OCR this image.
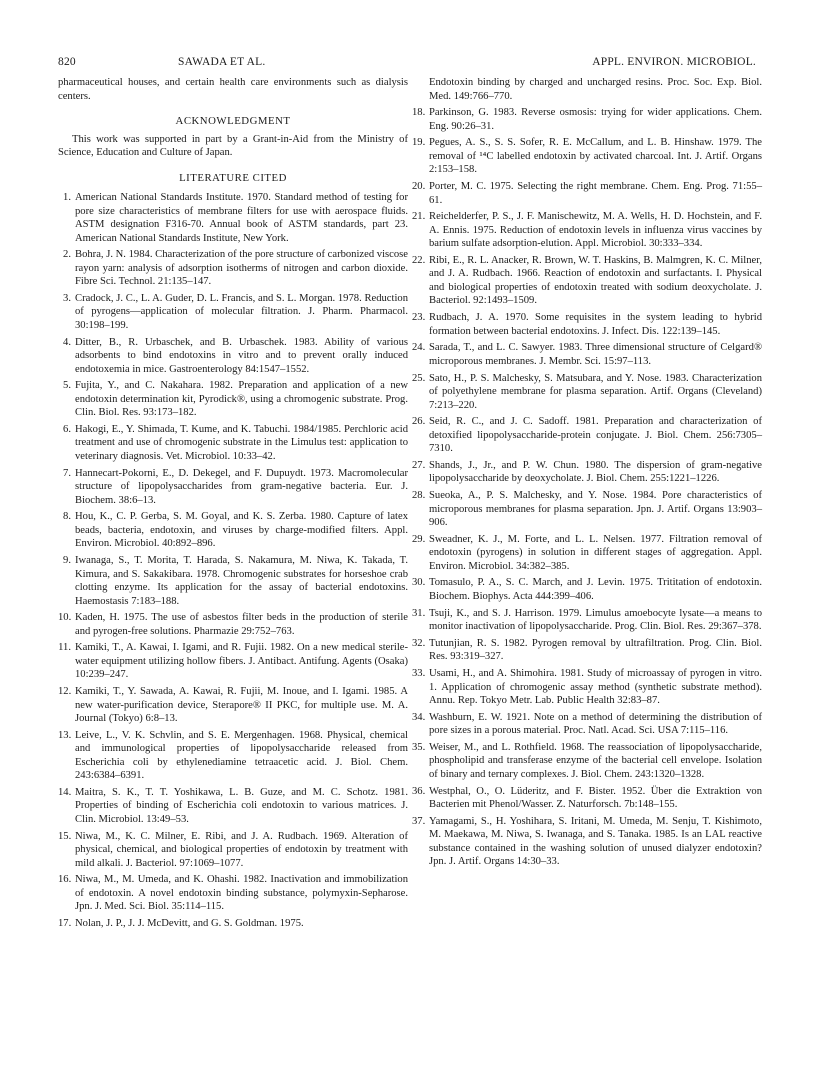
820	SAWADA ET AL.	APPL. ENVIRON. MICROBIOL.

pharmaceutical houses, and certain health care environments such as dialysis centers.

ACKNOWLEDGMENT

This work was supported in part by a Grant-in-Aid from the Ministry of Science, Education and Culture of Japan.

LITERATURE CITED
1. American National Standards Institute. 1970. Standard method of testing for pore size characteristics of membrane filters for use with aerospace fluids. ASTM designation F316-70. Annual book of ASTM standards, part 23. American National Standards Institute, New York.
2. Bohra, J. N. 1984. Characterization of the pore structure of carbonized viscose rayon yarn: analysis of adsorption isotherms of nitrogen and carbon dioxide. Fibre Sci. Technol. 21:135–147.
3. Cradock, J. C., L. A. Guder, D. L. Francis, and S. L. Morgan. 1978. Reduction of pyrogens—application of molecular filtration. J. Pharm. Pharmacol. 30:198–199.
4. Ditter, B., R. Urbaschek, and B. Urbaschek. 1983. Ability of various adsorbents to bind endotoxins in vitro and to prevent orally induced endotoxemia in mice. Gastroenterology 84:1547–1552.
5. Fujita, Y., and C. Nakahara. 1982. Preparation and application of a new endotoxin determination kit, Pyrodick®, using a chromogenic substrate. Prog. Clin. Biol. Res. 93:173–182.
6. Hakogi, E., Y. Shimada, T. Kume, and K. Tabuchi. 1984/1985. Perchloric acid treatment and use of chromogenic substrate in the Limulus test: application to veterinary diagnosis. Vet. Microbiol. 10:33–42.
7. Hannecart-Pokorni, E., D. Dekegel, and F. Dupuydt. 1973. Macromolecular structure of lipopolysaccharides from gram-negative bacteria. Eur. J. Biochem. 38:6–13.
8. Hou, K., C. P. Gerba, S. M. Goyal, and K. S. Zerba. 1980. Capture of latex beads, bacteria, endotoxin, and viruses by charge-modified filters. Appl. Environ. Microbiol. 40:892–896.
9. Iwanaga, S., T. Morita, T. Harada, S. Nakamura, M. Niwa, K. Takada, T. Kimura, and S. Sakakibara. 1978. Chromogenic substrates for horseshoe crab clotting enzyme. Its application for the assay of bacterial endotoxins. Haemostasis 7:183–188.
10. Kaden, H. 1975. The use of asbestos filter beds in the production of sterile and pyrogen-free solutions. Pharmazie 29:752–763.
11. Kamiki, T., A. Kawai, I. Igami, and R. Fujii. 1982. On a new medical sterile-water equipment utilizing hollow fibers. J. Antibact. Antifung. Agents (Osaka) 10:239–247.
12. Kamiki, T., Y. Sawada, A. Kawai, R. Fujii, M. Inoue, and I. Igami. 1985. A new water-purification device, Sterapore® II PKC, for multiple use. M. A. Journal (Tokyo) 6:8–13.
13. Leive, L., V. K. Schvlin, and S. E. Mergenhagen. 1968. Physical, chemical and immunological properties of lipopolysaccharide released from Escherichia coli by ethylenediamine tetraacetic acid. J. Biol. Chem. 243:6384–6391.
14. Maitra, S. K., T. T. Yoshikawa, L. B. Guze, and M. C. Schotz. 1981. Properties of binding of Escherichia coli endotoxin to various matrices. J. Clin. Microbiol. 13:49–53.
15. Niwa, M., K. C. Milner, E. Ribi, and J. A. Rudbach. 1969. Alteration of physical, chemical, and biological properties of endotoxin by treatment with mild alkali. J. Bacteriol. 97:1069–1077.
16. Niwa, M., M. Umeda, and K. Ohashi. 1982. Inactivation and immobilization of endotoxin. A novel endotoxin binding substance, polymyxin-Sepharose. Jpn. J. Med. Sci. Biol. 35:114–115.
17. Nolan, J. P., J. J. McDevitt, and G. S. Goldman. 1975.
Endotoxin binding by charged and uncharged resins. Proc. Soc. Exp. Biol. Med. 149:766–770.
18. Parkinson, G. 1983. Reverse osmosis: trying for wider applications. Chem. Eng. 90:26–31.
19. Pegues, A. S., S. S. Sofer, R. E. McCallum, and L. B. Hinshaw. 1979. The removal of ¹⁴C labelled endotoxin by activated charcoal. Int. J. Artif. Organs 2:153–158.
20. Porter, M. C. 1975. Selecting the right membrane. Chem. Eng. Prog. 71:55–61.
21. Reichelderfer, P. S., J. F. Manischewitz, M. A. Wells, H. D. Hochstein, and F. A. Ennis. 1975. Reduction of endotoxin levels in influenza virus vaccines by barium sulfate adsorption-elution. Appl. Microbiol. 30:333–334.
22. Ribi, E., R. L. Anacker, R. Brown, W. T. Haskins, B. Malmgren, K. C. Milner, and J. A. Rudbach. 1966. Reaction of endotoxin and surfactants. I. Physical and biological properties of endotoxin treated with sodium deoxycholate. J. Bacteriol. 92:1493–1509.
23. Rudbach, J. A. 1970. Some requisites in the system leading to hybrid formation between bacterial endotoxins. J. Infect. Dis. 122:139–145.
24. Sarada, T., and L. C. Sawyer. 1983. Three dimensional structure of Celgard® microporous membranes. J. Membr. Sci. 15:97–113.
25. Sato, H., P. S. Malchesky, S. Matsubara, and Y. Nose. 1983. Characterization of polyethylene membrane for plasma separation. Artif. Organs (Cleveland) 7:213–220.
26. Seid, R. C., and J. C. Sadoff. 1981. Preparation and characterization of detoxified lipopolysaccharide-protein conjugate. J. Biol. Chem. 256:7305–7310.
27. Shands, J., Jr., and P. W. Chun. 1980. The dispersion of gram-negative lipopolysaccharide by deoxycholate. J. Biol. Chem. 255:1221–1226.
28. Sueoka, A., P. S. Malchesky, and Y. Nose. 1984. Pore characteristics of microporous membranes for plasma separation. Jpn. J. Artif. Organs 13:903–906.
29. Sweadner, K. J., M. Forte, and L. L. Nelsen. 1977. Filtration removal of endotoxin (pyrogens) in solution in different stages of aggregation. Appl. Environ. Microbiol. 34:382–385.
30. Tomasulo, P. A., S. C. March, and J. Levin. 1975. Trititation of endotoxin. Biochem. Biophys. Acta 444:399–406.
31. Tsuji, K., and S. J. Harrison. 1979. Limulus amoebocyte lysate—a means to monitor inactivation of lipopolysaccharide. Prog. Clin. Biol. Res. 29:367–378.
32. Tutunjian, R. S. 1982. Pyrogen removal by ultrafiltration. Prog. Clin. Biol. Res. 93:319–327.
33. Usami, H., and A. Shimohira. 1981. Study of microassay of pyrogen in vitro. 1. Application of chromogenic assay method (synthetic substrate method). Annu. Rep. Tokyo Metr. Lab. Public Health 32:83–87.
34. Washburn, E. W. 1921. Note on a method of determining the distribution of pore sizes in a porous material. Proc. Natl. Acad. Sci. USA 7:115–116.
35. Weiser, M., and L. Rothfield. 1968. The reassociation of lipopolysaccharide, phospholipid and transferase enzyme of the bacterial cell envelope. Isolation of binary and ternary complexes. J. Biol. Chem. 243:1320–1328.
36. Westphal, O., O. Lüderitz, and F. Bister. 1952. Über die Extraktion von Bacterien mit Phenol/Wasser. Z. Naturforsch. 7b:148–155.
37. Yamagami, S., H. Yoshihara, S. Iritani, M. Umeda, M. Senju, T. Kishimoto, M. Maekawa, M. Niwa, S. Iwanaga, and S. Tanaka. 1985. Is an LAL reactive substance contained in the washing solution of unused dialyzer endotoxin? Jpn. J. Artif. Organs 14:30–33.
